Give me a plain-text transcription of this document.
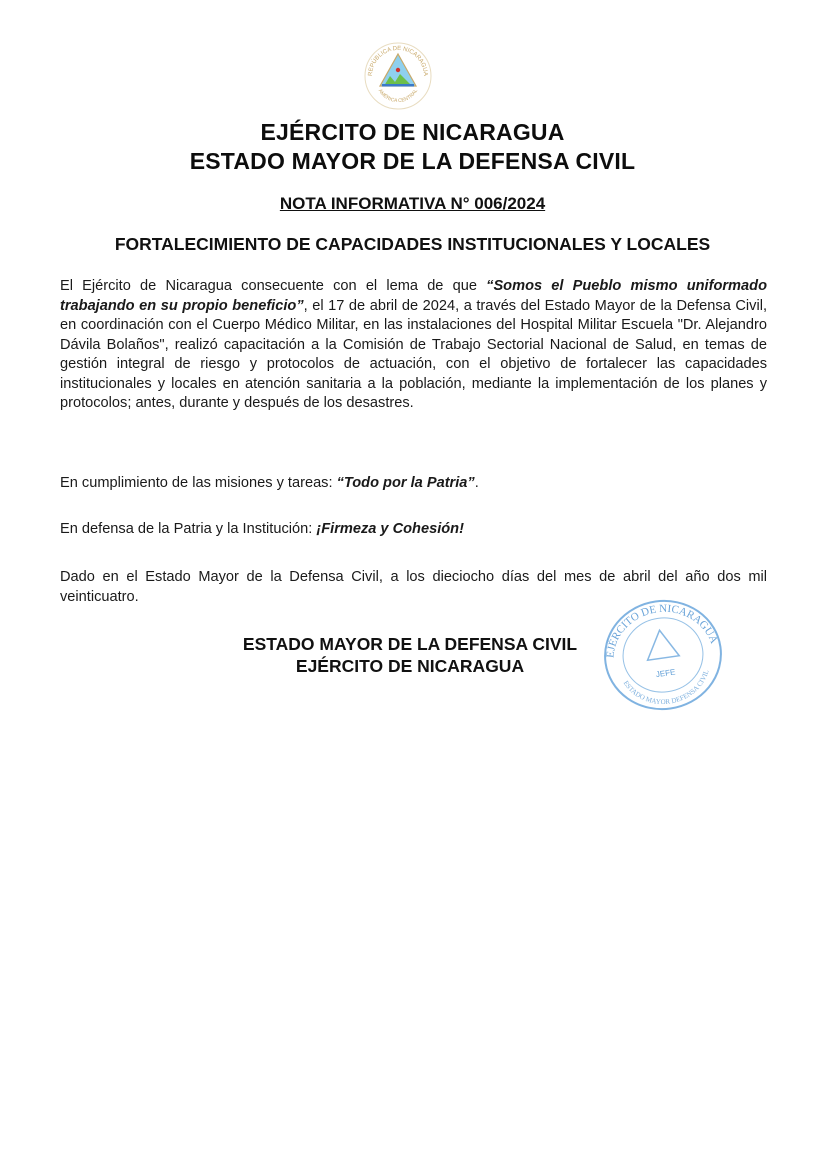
REPÚBLICA DE NICARAGUA
AMÉRICA CENTRAL
EJÉRCITO DE NICARAGUA
ESTADO MAYOR DE LA DEFENSA CIVIL
NOTA INFORMATIVA N° 006/2024
FORTALECIMIENTO DE CAPACIDADES INSTITUCIONALES Y LOCALES
El Ejército de Nicaragua consecuente con el lema de que “Somos el Pueblo mismo uniformado trabajando en su propio beneficio”, el 17 de abril de 2024, a través del Estado Mayor de la Defensa Civil, en coordinación con el Cuerpo Médico Militar, en las instalaciones del Hospital Militar Escuela "Dr. Alejandro Dávila Bolaños", realizó capacitación a la Comisión de Trabajo Sectorial Nacional de Salud, en temas de gestión integral de riesgo y protocolos de actuación, con el objetivo de fortalecer las capacidades institucionales y locales en atención sanitaria a la población, mediante la implementación de los planes y protocolos; antes, durante y después de los desastres.
En cumplimiento de las misiones y tareas: “Todo por la Patria”.
En defensa de la Patria y la Institución: ¡Firmeza y Cohesión!
Dado en el Estado Mayor de la Defensa Civil, a los dieciocho días del mes de abril del año dos mil veinticuatro.
ESTADO MAYOR DE LA DEFENSA CIVIL
EJÉRCITO DE NICARAGUA
EJÉRCITO DE NICARAGUA
ESTADO MAYOR DEFENSA CIVIL
JEFE
